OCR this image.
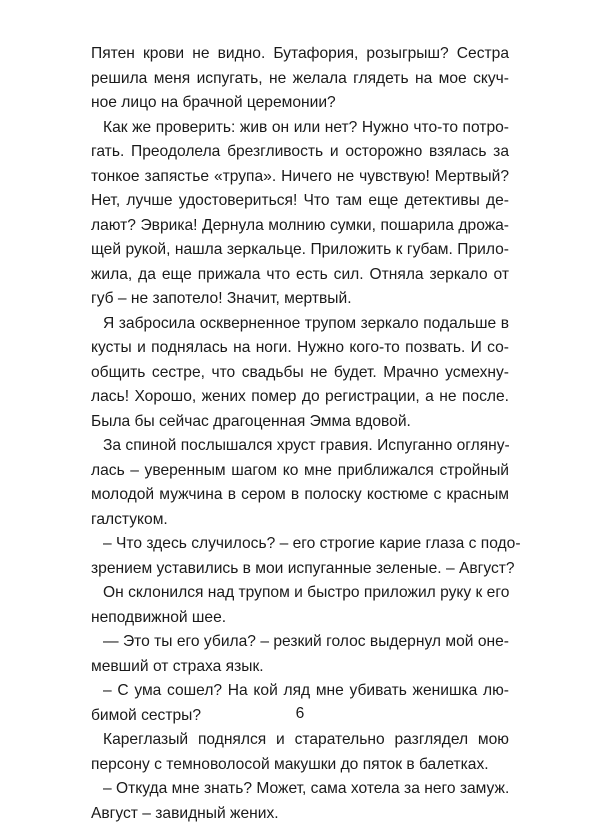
Пятен крови не видно. Бутафория, розыгрыш? Сестра
решила меня испугать, не желала глядеть на мое скуч-
ное лицо на брачной церемонии?
Как же проверить: жив он или нет? Нужно что-то потро-
гать. Преодолела брезгливость и осторожно взялась за
тонкое запястье «трупа». Ничего не чувствую! Мертвый?
Нет, лучше удостовериться! Что там еще детективы де-
лают? Эврика! Дернула молнию сумки, пошарила дрожа-
щей рукой, нашла зеркальце. Приложить к губам. Прило-
жила, да еще прижала что есть сил. Отняла зеркало от
губ – не запотело! Значит, мертвый.
Я забросила оскверненное трупом зеркало подальше в
кусты и поднялась на ноги. Нужно кого-то позвать. И со-
общить сестре, что свадьбы не будет. Мрачно усмехну-
лась! Хорошо, жених помер до регистрации, а не после.
Была бы сейчас драгоценная Эмма вдовой.
За спиной послышался хруст гравия. Испуганно огляну-
лась – уверенным шагом ко мне приближался стройный
молодой мужчина в сером в полоску костюме с красным
галстуком.
– Что здесь случилось? – его строгие карие глаза с подо-
зрением уставились в мои испуганные зеленые. – Август?
Он склонился над трупом и быстро приложил руку к его
неподвижной шее.
— Это ты его убила? – резкий голос выдернул мой оне-
мевший от страха язык.
– С ума сошел? На кой ляд мне убивать женишка лю-
бимой сестры?
Кареглазый поднялся и старательно разглядел мою
персону с темноволосой макушки до пяток в балетках.
– Откуда мне знать? Может, сама хотела за него замуж.
Август – завидный жених.
6
